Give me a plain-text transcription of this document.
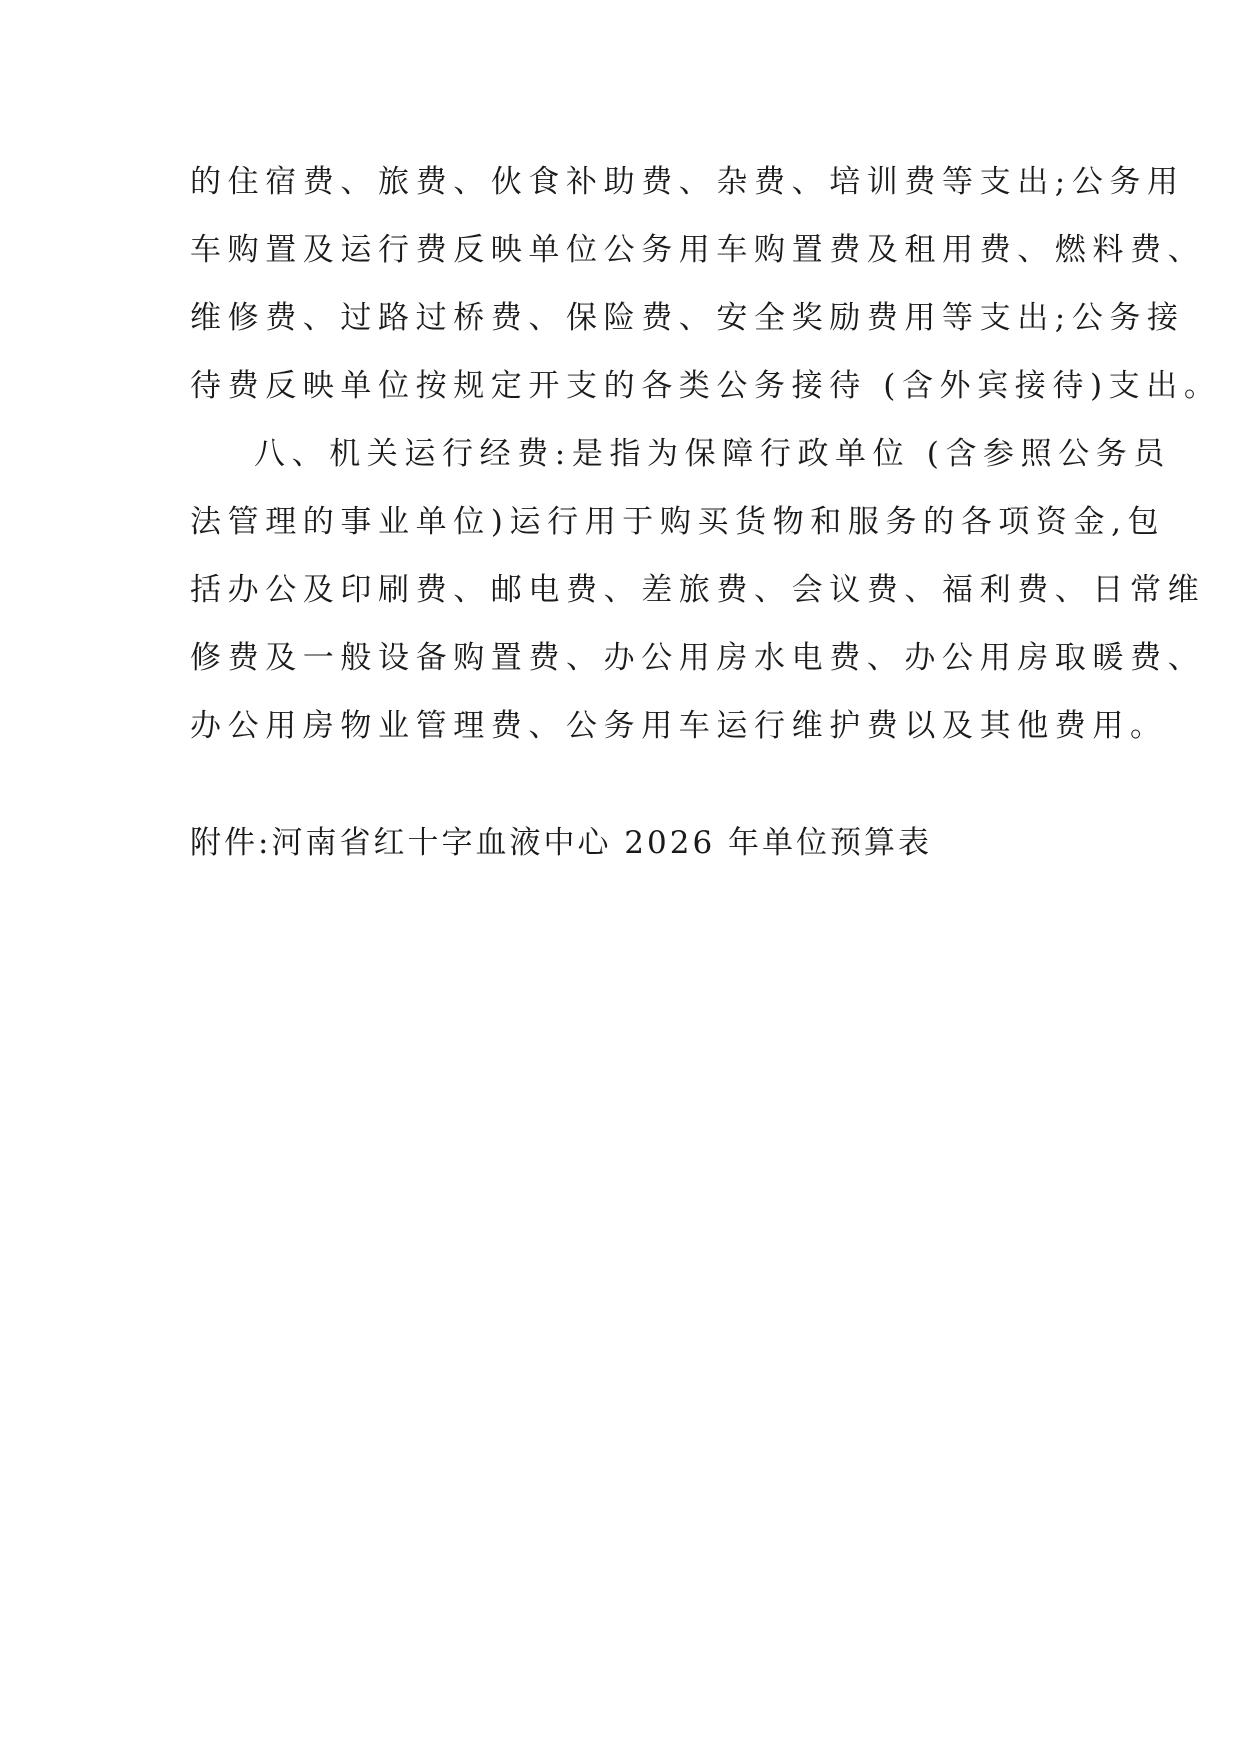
的住宿费、旅费、伙食补助费、杂费、培训费等支出;公务用

车购置及运行费反映单位公务用车购置费及租用费、燃料费、

维修费、过路过桥费、保险费、安全奖励费用等支出;公务接

待费反映单位按规定开支的各类公务接待 (含外宾接待)支出。

八、机关运行经费:是指为保障行政单位 (含参照公务员

法管理的事业单位)运行用于购买货物和服务的各项资金,包

括办公及印刷费、邮电费、差旅费、会议费、福利费、日常维

修费及一般设备购置费、办公用房水电费、办公用房取暖费、

办公用房物业管理费、公务用车运行维护费以及其他费用。

附件:河南省红十字血液中心 2026 年单位预算表
